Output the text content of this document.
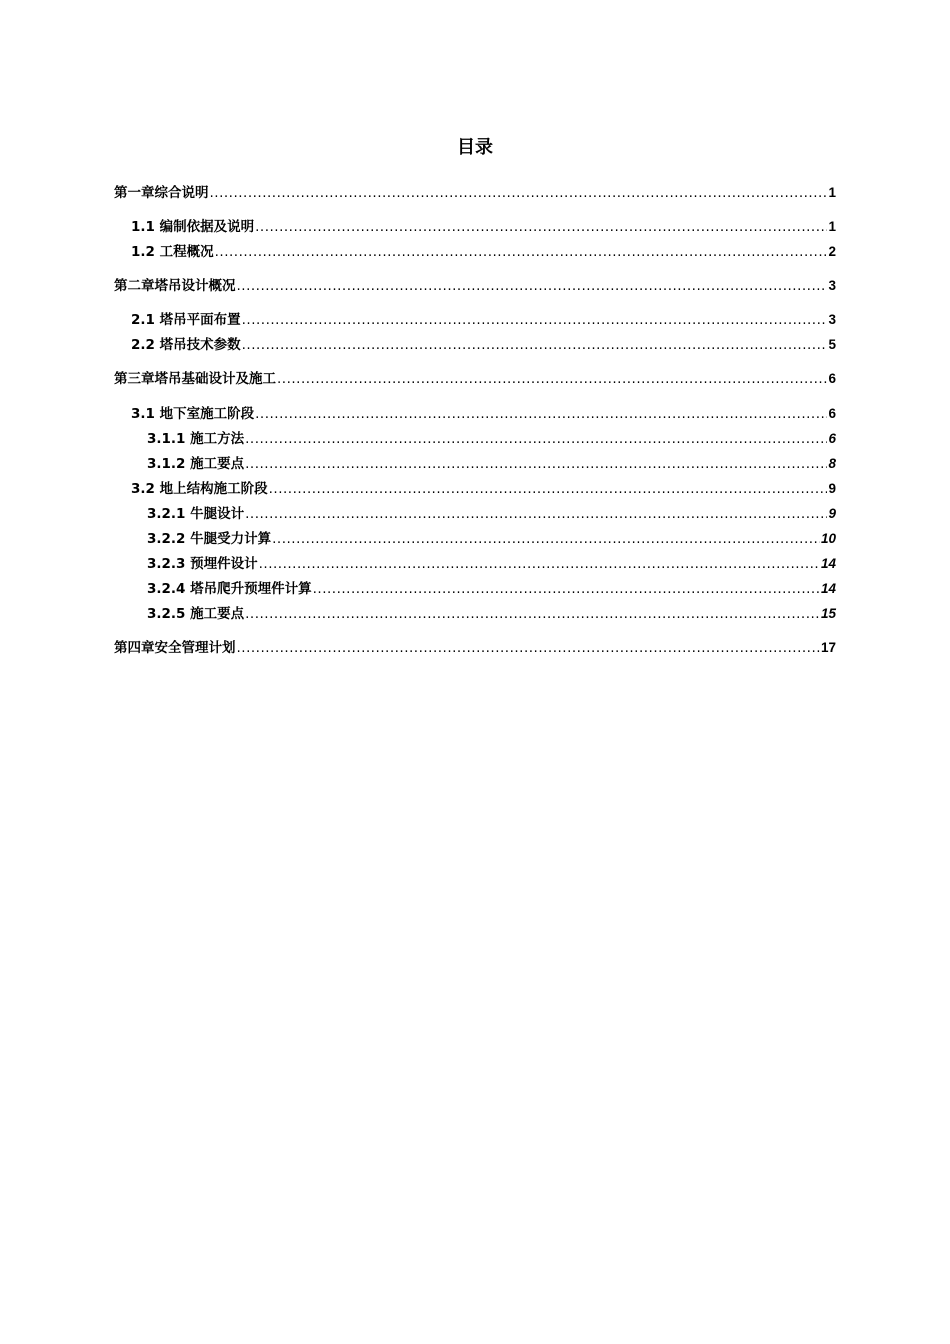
目录
第一章综合说明 .....	1
1.1 编制依据及说明 .....	1
1.2 工程概况 .....	2
第二章塔吊设计概况 .....	3
2.1 塔吊平面布置 .....	3
2.2 塔吊技术参数 .....	5
第三章塔吊基础设计及施工 .....	6
3.1 地下室施工阶段 .....	6
3.1.1 施工方法 .....	6
3.1.2 施工要点 .....	8
3.2 地上结构施工阶段 .....	9
3.2.1 牛腿设计 .....	9
3.2.2 牛腿受力计算 .....	10
3.2.3 预埋件设计 .....	14
3.2.4 塔吊爬升预埋件计算 .....	14
3.2.5 施工要点 .....	15
第四章安全管理计划 .....	17
